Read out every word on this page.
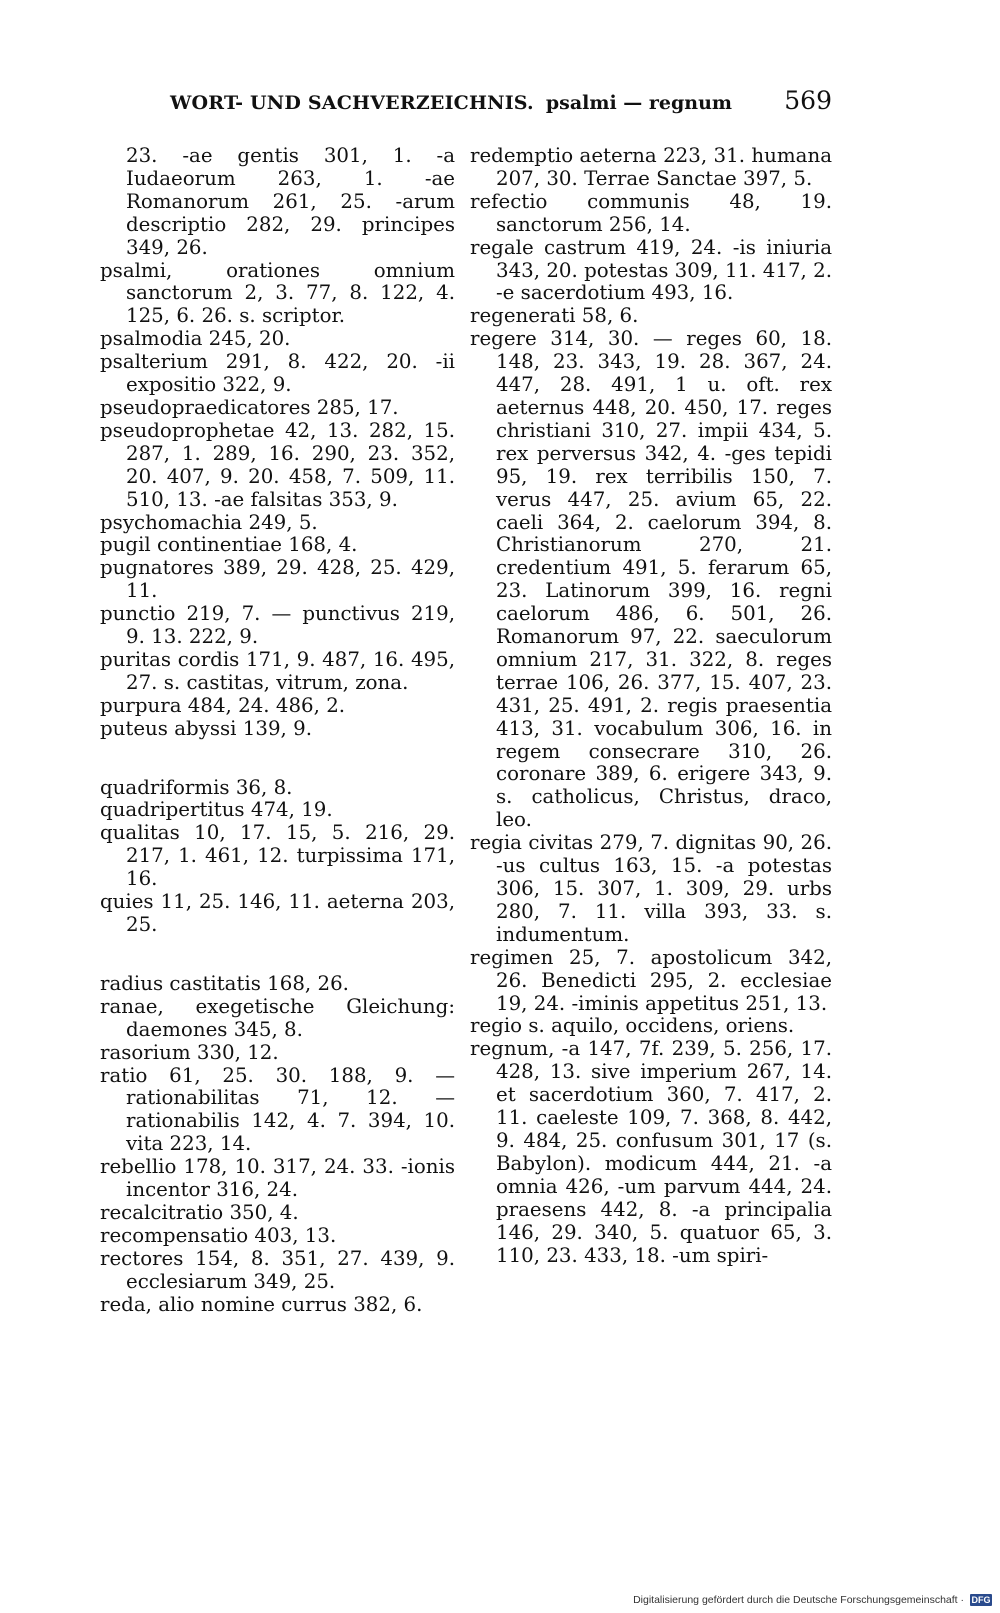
WORT- UND SACHVERZEICHNIS. psalmi — regnum 569
23. -ae gentis 301, 1. -a Iudaeorum 263, 1. -ae Romanorum 261, 25. -arum descriptio 282, 29. principes 349, 26.
psalmi, orationes omnium sanctorum 2, 3. 77, 8. 122, 4. 125, 6. 26. s. scriptor.
psalmodia 245, 20.
psalterium 291, 8. 422, 20. -ii expositio 322, 9.
pseudopraedicatores 285, 17.
pseudoprophetae 42, 13. 282, 15. 287, 1. 289, 16. 290, 23. 352, 20. 407, 9. 20. 458, 7. 509, 11. 510, 13. -ae falsitas 353, 9.
psychomachia 249, 5.
pugil continentiae 168, 4.
pugnatores 389, 29. 428, 25. 429, 11.
punctio 219, 7. — punctivus 219, 9. 13. 222, 9.
puritas cordis 171, 9. 487, 16. 495, 27. s. castitas, vitrum, zona.
purpura 484, 24. 486, 2.
puteus abyssi 139, 9.
quadriformis 36, 8.
quadripertitus 474, 19.
qualitas 10, 17. 15, 5. 216, 29. 217, 1. 461, 12. turpissima 171, 16.
quies 11, 25. 146, 11. aeterna 203, 25.
radius castitatis 168, 26.
ranae, exegetische Gleichung: daemones 345, 8.
rasorium 330, 12.
ratio 61, 25. 30. 188, 9. — rationabilitas 71, 12. — rationabilis 142, 4. 7. 394, 10. vita 223, 14.
rebellio 178, 10. 317, 24. 33. -ionis incentor 316, 24.
recalcitratio 350, 4.
recompensatio 403, 13.
rectores 154, 8. 351, 27. 439, 9. ecclesiarum 349, 25.
reda, alio nomine currus 382, 6.
redemptio aeterna 223, 31. humana 207, 30. Terrae Sanctae 397, 5.
refectio communis 48, 19. sanctorum 256, 14.
regale castrum 419, 24. -is iniuria 343, 20. potestas 309, 11. 417, 2. -e sacerdotium 493, 16.
regenerati 58, 6.
regere 314, 30. — reges 60, 18. 148, 23. 343, 19. 28. 367, 24. 447, 28. 491, 1 u. oft. rex aeternus 448, 20. 450, 17. reges christiani 310, 27. impii 434, 5. rex perversus 342, 4. -ges tepidi 95, 19. rex terribilis 150, 7. verus 447, 25. avium 65, 22. caeli 364, 2. caelorum 394, 8. Christianorum 270, 21. credentium 491, 5. ferarum 65, 23. Latinorum 399, 16. regni caelorum 486, 6. 501, 26. Romanorum 97, 22. saeculorum omnium 217, 31. 322, 8. reges terrae 106, 26. 377, 15. 407, 23. 431, 25. 491, 2. regis praesentia 413, 31. vocabulum 306, 16. in regem consecrare 310, 26. coronare 389, 6. erigere 343, 9. s. catholicus, Christus, draco, leo.
regia civitas 279, 7. dignitas 90, 26. -us cultus 163, 15. -a potestas 306, 15. 307, 1. 309, 29. urbs 280, 7. 11. villa 393, 33. s. indumentum.
regimen 25, 7. apostolicum 342, 26. Benedicti 295, 2. ecclesiae 19, 24. -iminis appetitus 251, 13.
regio s. aquilo, occidens, oriens.
regnum, -a 147, 7f. 239, 5. 256, 17. 428, 13. sive imperium 267, 14. et sacerdotium 360, 7. 417, 2. 11. caeleste 109, 7. 368, 8. 442, 9. 484, 25. confusum 301, 17 (s. Babylon). modicum 444, 21. -a omnia 426, -um parvum 444, 24. praesens 442, 8. -a principalia 146, 29. 340, 5. quatuor 65, 3. 110, 23. 433, 18. -um spiri-
Digitalisierung gefördert durch die Deutsche Forschungsgemeinschaft · DFG
